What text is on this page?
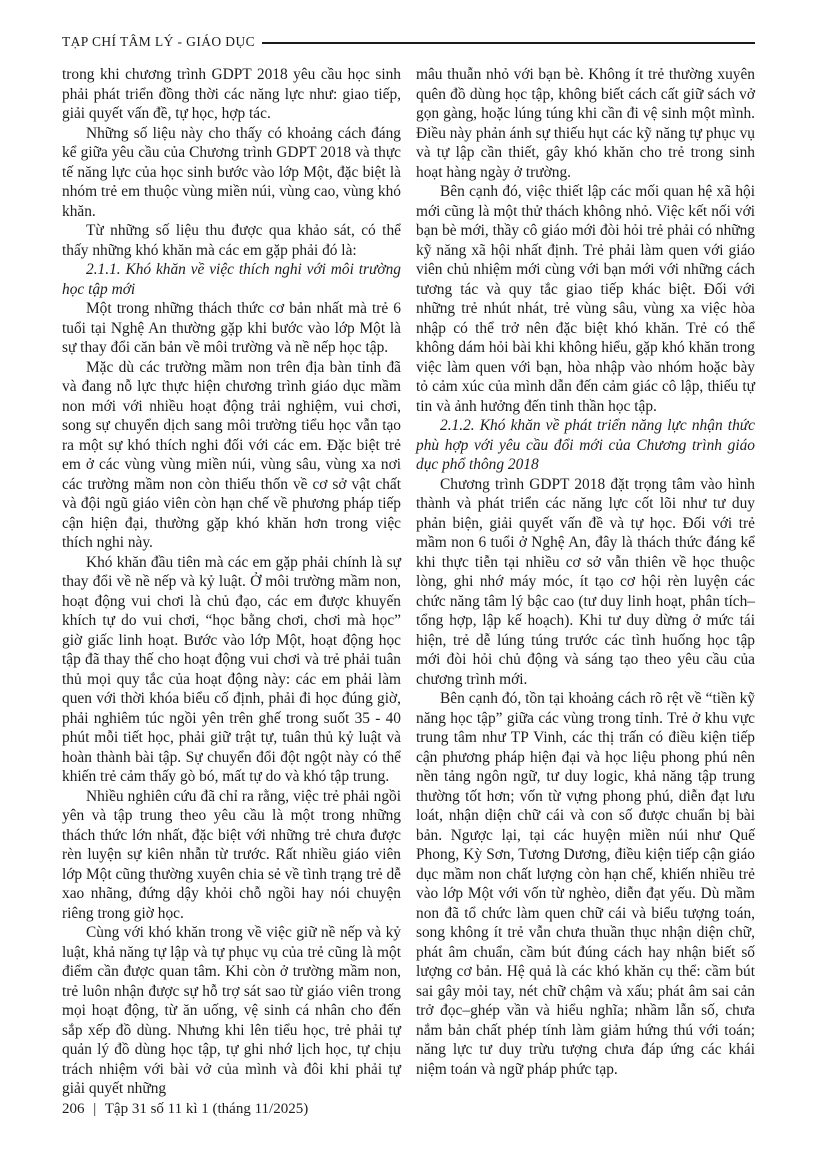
TẠP CHÍ TÂM LÝ - GIÁO DỤC

trong khi chương trình GDPT 2018 yêu cầu học sinh phải phát triển đồng thời các năng lực như: giao tiếp, giải quyết vấn đề, tự học, hợp tác.

Những số liệu này cho thấy có khoảng cách đáng kể giữa yêu cầu của Chương trình GDPT 2018 và thực tế năng lực của học sinh bước vào lớp Một, đặc biệt là nhóm trẻ em thuộc vùng miền núi, vùng cao, vùng khó khăn.

Từ những số liệu thu được qua khảo sát, có thể thấy những khó khăn mà các em gặp phải đó là:

2.1.1. Khó khăn về việc thích nghi với môi trường học tập mới

Một trong những thách thức cơ bản nhất mà trẻ 6 tuổi tại Nghệ An thường gặp khi bước vào lớp Một là sự thay đổi căn bản về môi trường và nề nếp học tập.

Mặc dù các trường mầm non trên địa bàn tỉnh đã và đang nỗ lực thực hiện chương trình giáo dục mầm non mới với nhiều hoạt động trải nghiệm, vui chơi, song sự chuyển dịch sang môi trường tiểu học vẫn tạo ra một sự khó thích nghi đối với các em. Đặc biệt trẻ em ở các vùng vùng miền núi, vùng sâu, vùng xa nơi các trường mầm non còn thiếu thốn về cơ sở vật chất và đội ngũ giáo viên còn hạn chế về phương pháp tiếp cận hiện đại, thường gặp khó khăn hơn trong việc thích nghi này.

Khó khăn đầu tiên mà các em gặp phải chính là sự thay đổi về nề nếp và kỷ luật. Ở môi trường mầm non, hoạt động vui chơi là chủ đạo, các em được khuyến khích tự do vui chơi, “học bằng chơi, chơi mà học” giờ giấc linh hoạt. Bước vào lớp Một, hoạt động học tập đã thay thế cho hoạt động vui chơi và trẻ phải tuân thủ mọi quy tắc của hoạt động này: các em phải làm quen với thời khóa biểu cố định, phải đi học đúng giờ, phải nghiêm túc ngồi yên trên ghế trong suốt 35 - 40 phút mỗi tiết học, phải giữ trật tự, tuân thủ kỷ luật và hoàn thành bài tập. Sự chuyển đổi đột ngột này có thể khiến trẻ cảm thấy gò bó, mất tự do và khó tập trung.

Nhiều nghiên cứu đã chỉ ra rằng, việc trẻ phải ngồi yên và tập trung theo yêu cầu là một trong những thách thức lớn nhất, đặc biệt với những trẻ chưa được rèn luyện sự kiên nhẫn từ trước. Rất nhiều giáo viên lớp Một cũng thường xuyên chia sẻ về tình trạng trẻ dễ xao nhãng, đứng dậy khỏi chỗ ngồi hay nói chuyện riêng trong giờ học.

Cùng với khó khăn trong về việc giữ nề nếp và kỷ luật, khả năng tự lập và tự phục vụ của trẻ cũng là một điểm cần được quan tâm. Khi còn ở trường mầm non, trẻ luôn nhận được sự hỗ trợ sát sao từ giáo viên trong mọi hoạt động, từ ăn uống, vệ sinh cá nhân cho đến sắp xếp đồ dùng. Nhưng khi lên tiểu học, trẻ phải tự quản lý đồ dùng học tập, tự ghi nhớ lịch học, tự chịu trách nhiệm với bài vở của mình và đôi khi phải tự giải quyết những

mâu thuẫn nhỏ với bạn bè. Không ít trẻ thường xuyên quên đồ dùng học tập, không biết cách cất giữ sách vở gọn gàng, hoặc lúng túng khi cần đi vệ sinh một mình. Điều này phản ánh sự thiếu hụt các kỹ năng tự phục vụ và tự lập cần thiết, gây khó khăn cho trẻ trong sinh hoạt hàng ngày ở trường.

Bên cạnh đó, việc thiết lập các mối quan hệ xã hội mới cũng là một thử thách không nhỏ. Việc kết nối với bạn bè mới, thầy cô giáo mới đòi hỏi trẻ phải có những kỹ năng xã hội nhất định. Trẻ phải làm quen với giáo viên chủ nhiệm mới cùng với bạn mới với những cách tương tác và quy tắc giao tiếp khác biệt. Đối với những trẻ nhút nhát, trẻ vùng sâu, vùng xa việc hòa nhập có thể trở nên đặc biệt khó khăn. Trẻ có thể không dám hỏi bài khi không hiểu, gặp khó khăn trong việc làm quen với bạn, hòa nhập vào nhóm hoặc bày tỏ cảm xúc của mình dẫn đến cảm giác cô lập, thiếu tự tin và ảnh hưởng đến tinh thần học tập.

2.1.2. Khó khăn về phát triển năng lực nhận thức phù hợp với yêu cầu đổi mới của Chương trình giáo dục phổ thông 2018

Chương trình GDPT 2018 đặt trọng tâm vào hình thành và phát triển các năng lực cốt lõi như tư duy phản biện, giải quyết vấn đề và tự học. Đối với trẻ mầm non 6 tuổi ở Nghệ An, đây là thách thức đáng kể khi thực tiễn tại nhiều cơ sở vẫn thiên về học thuộc lòng, ghi nhớ máy móc, ít tạo cơ hội rèn luyện các chức năng tâm lý bậc cao (tư duy linh hoạt, phân tích–tổng hợp, lập kế hoạch). Khi tư duy dừng ở mức tái hiện, trẻ dễ lúng túng trước các tình huống học tập mới đòi hỏi chủ động và sáng tạo theo yêu cầu của chương trình mới.

Bên cạnh đó, tồn tại khoảng cách rõ rệt về “tiền kỹ năng học tập” giữa các vùng trong tỉnh. Trẻ ở khu vực trung tâm như TP Vinh, các thị trấn có điều kiện tiếp cận phương pháp hiện đại và học liệu phong phú nên nền tảng ngôn ngữ, tư duy logic, khả năng tập trung thường tốt hơn; vốn từ vựng phong phú, diễn đạt lưu loát, nhận diện chữ cái và con số được chuẩn bị bài bản. Ngược lại, tại các huyện miền núi như Quế Phong, Kỳ Sơn, Tương Dương, điều kiện tiếp cận giáo dục mầm non chất lượng còn hạn chế, khiến nhiều trẻ vào lớp Một với vốn từ nghèo, diễn đạt yếu. Dù mầm non đã tổ chức làm quen chữ cái và biểu tượng toán, song không ít trẻ vẫn chưa thuần thục nhận diện chữ, phát âm chuẩn, cầm bút đúng cách hay nhận biết số lượng cơ bản. Hệ quả là các khó khăn cụ thể: cầm bút sai gây mỏi tay, nét chữ chậm và xấu; phát âm sai cản trở đọc–ghép vần và hiểu nghĩa; nhầm lẫn số, chưa nắm bản chất phép tính làm giảm hứng thú với toán; năng lực tư duy trừu tượng chưa đáp ứng các khái niệm toán và ngữ pháp phức tạp.

206 | Tập 31 số 11 kì 1 (tháng 11/2025)
